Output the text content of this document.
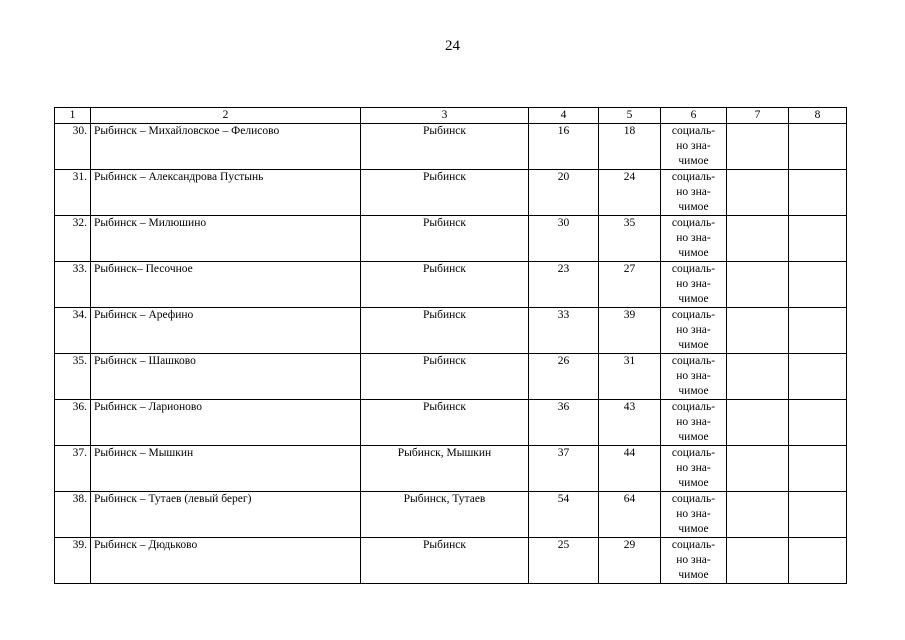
24
1	2	3	4	5	6	7	8
30.	Рыбинск – Михайловское – Фелисово	Рыбинск	16	18	социаль-
но зна-
чимое		

31.	Рыбинск – Александрова Пустынь	Рыбинск	20	24	социаль-
но зна-
чимое		

32.	Рыбинск – Милюшино	Рыбинск	30	35	социаль-
но зна-
чимое		

33.	Рыбинск– Песочное	Рыбинск	23	27	социаль-
но зна-
чимое		

34.	Рыбинск – Арефино	Рыбинск	33	39	социаль-
но зна-
чимое		

35.	Рыбинск – Шашково	Рыбинск	26	31	социаль-
но зна-
чимое		

36.	Рыбинск – Ларионово	Рыбинск	36	43	социаль-
но зна-
чимое		

37.	Рыбинск – Мышкин	Рыбинск, Мышкин	37	44	социаль-
но зна-
чимое		

38.	Рыбинск – Тутаев (левый берег)	Рыбинск, Тутаев	54	64	социаль-
но зна-
чимое		

39.	Рыбинск – Дюдьково	Рыбинск	25	29	социаль-
но зна-
чимое		
